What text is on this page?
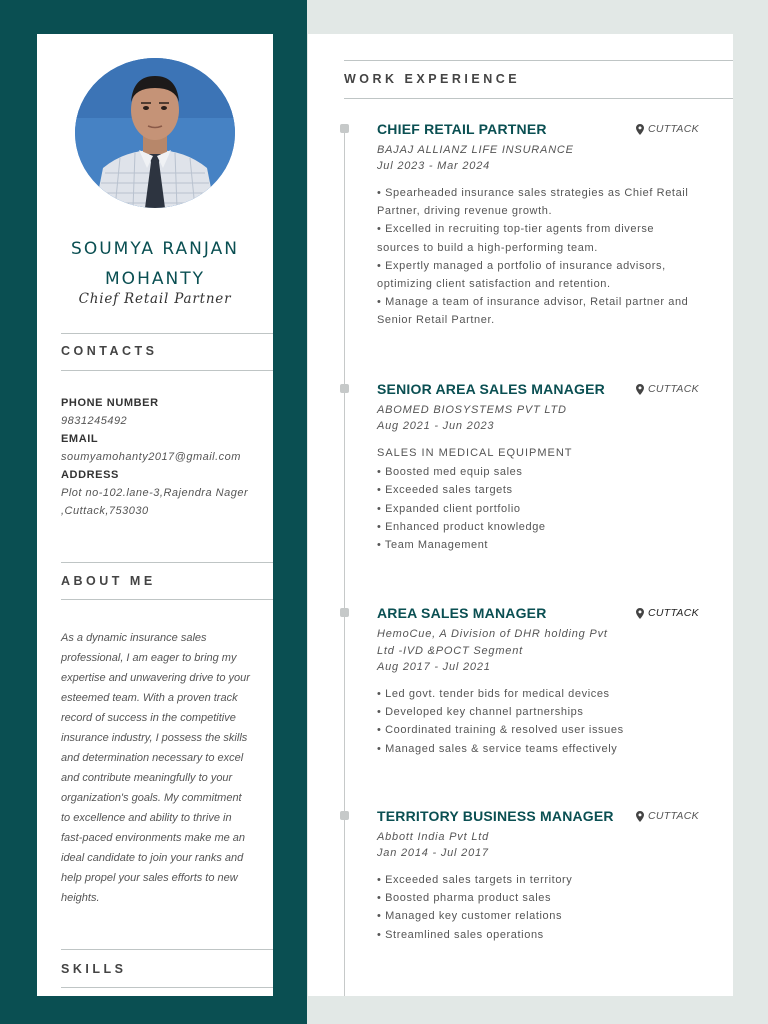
SOUMYA RANJAN
MOHANTY
Chief Retail Partner
CONTACTS
PHONE NUMBER
9831245492
EMAIL
soumyamohanty2017@gmail.com
ADDRESS
Plot no-102.lane-3,Rajendra Nager ,Cuttack,753030
ABOUT ME
As a dynamic insurance sales professional, I am eager to bring my expertise and unwavering drive to your esteemed team. With a proven track record of success in the competitive insurance industry, I possess the skills and determination necessary to excel and contribute meaningfully to your organization's goals. My commitment to excellence and ability to thrive in fast-paced environments make me an ideal candidate to join your ranks and help propel your sales efforts to new heights.
SKILLS
WORK EXPERIENCE
CHIEF RETAIL PARTNER	CUTTACK
BAJAJ ALLIANZ LIFE INSURANCE
Jul 2023 - Mar 2024
• Spearheaded insurance sales strategies as Chief Retail Partner, driving revenue growth.
• Excelled in recruiting top-tier agents from diverse sources to build a high-performing team.
• Expertly managed a portfolio of insurance advisors, optimizing client satisfaction and retention.
• Manage a team of insurance advisor, Retail partner and Senior Retail Partner.
SENIOR AREA SALES MANAGER	CUTTACK
ABOMED BIOSYSTEMS PVT LTD
Aug 2021 - Jun 2023
SALES IN MEDICAL EQUIPMENT
• Boosted med equip sales
• Exceeded sales targets
• Expanded client portfolio
• Enhanced product knowledge
• Team Management
AREA SALES MANAGER	CUTTACK
HemoCue, A Division of DHR holding Pvt Ltd -IVD &POCT Segment
Aug 2017 - Jul 2021
• Led govt. tender bids for medical devices
• Developed key channel partnerships
• Coordinated training & resolved user issues
• Managed sales & service teams effectively
TERRITORY BUSINESS MANAGER	CUTTACK
Abbott India Pvt Ltd
Jan 2014 - Jul 2017
• Exceeded sales targets in territory
• Boosted pharma product sales
• Managed key customer relations
• Streamlined sales operations
